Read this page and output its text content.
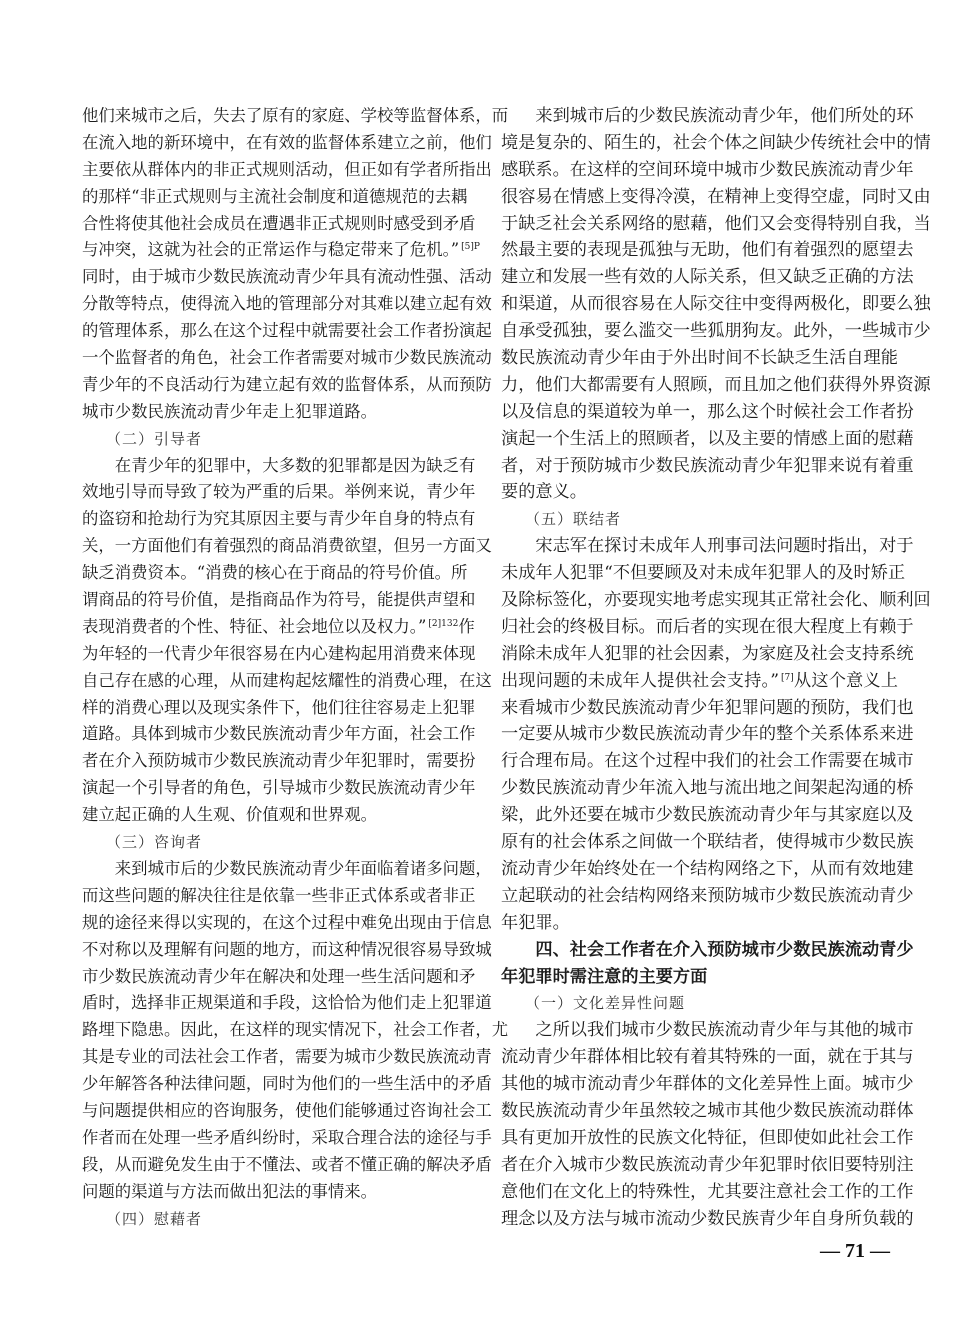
他们来城市之后，失去了原有的家庭、学校等监督体系，而
在流入地的新环境中，在有效的监督体系建立之前，他们
主要依从群体内的非正式规则活动，但正如有学者所指出
的那样“非正式规则与主流社会制度和道德规范的去耦
合性将使其他社会成员在遭遇非正式规则时感受到矛盾
与冲突，这就为社会的正常运作与稳定带来了危机。” $^{[5]P}$
同时，由于城市少数民族流动青少年具有流动性强、活动
分散等特点，使得流入地的管理部分对其难以建立起有效
的管理体系，那么在这个过程中就需要社会工作者扮演起
一个监督者的角色，社会工作者需要对城市少数民族流动
青少年的不良活动行为建立起有效的监督体系，从而预防
城市少数民族流动青少年走上犯罪道路。
（二）引导者
在青少年的犯罪中，大多数的犯罪都是因为缺乏有
效地引导而导致了较为严重的后果。举例来说，青少年
的盗窃和抢劫行为究其原因主要与青少年自身的特点有
关，一方面他们有着强烈的商品消费欲望，但另一方面又
缺乏消费资本。“消费的核心在于商品的符号价值。所
谓商品的符号价值，是指商品作为符号，能提供声望和
表现消费者的个性、特征、社会地位以及权力。” $^{[2]132}$作
为年轻的一代青少年很容易在内心建构起用消费来体现
自己存在感的心理，从而建构起炫耀性的消费心理，在这
样的消费心理以及现实条件下，他们往往容易走上犯罪
道路。具体到城市少数民族流动青少年方面，社会工作
者在介入预防城市少数民族流动青少年犯罪时，需要扮
演起一个引导者的角色，引导城市少数民族流动青少年
建立起正确的人生观、价值观和世界观。
（三）咨询者
来到城市后的少数民族流动青少年面临着诸多问题，
而这些问题的解决往往是依靠一些非正式体系或者非正
规的途径来得以实现的，在这个过程中难免出现由于信息
不对称以及理解有问题的地方，而这种情况很容易导致城
市少数民族流动青少年在解决和处理一些生活问题和矛
盾时，选择非正规渠道和手段，这恰恰为他们走上犯罪道
路埋下隐患。因此，在这样的现实情况下，社会工作者，尤
其是专业的司法社会工作者，需要为城市少数民族流动青
少年解答各种法律问题，同时为他们的一些生活中的矛盾
与问题提供相应的咨询服务，使他们能够通过咨询社会工
作者而在处理一些矛盾纠纷时，采取合理合法的途径与手
段，从而避免发生由于不懂法、或者不懂正确的解决矛盾
问题的渠道与方法而做出犯法的事情来。
（四）慰藉者
来到城市后的少数民族流动青少年，他们所处的环
境是复杂的、陌生的，社会个体之间缺少传统社会中的情
感联系。在这样的空间环境中城市少数民族流动青少年
很容易在情感上变得冷漠，在精神上变得空虚，同时又由
于缺乏社会关系网络的慰藉，他们又会变得特别自我，当
然最主要的表现是孤独与无助，他们有着强烈的愿望去
建立和发展一些有效的人际关系，但又缺乏正确的方法
和渠道，从而很容易在人际交往中变得两极化，即要么独
自承受孤独，要么滥交一些狐朋狗友。此外，一些城市少
数民族流动青少年由于外出时间不长缺乏生活自理能
力，他们大都需要有人照顾，而且加之他们获得外界资源
以及信息的渠道较为单一，那么这个时候社会工作者扮
演起一个生活上的照顾者，以及主要的情感上面的慰藉
者，对于预防城市少数民族流动青少年犯罪来说有着重
要的意义。
（五）联结者
宋志军在探讨未成年人刑事司法问题时指出，对于
未成年人犯罪“不但要顾及对未成年犯罪人的及时矫正
及除标签化，亦要现实地考虑实现其正常社会化、顺利回
归社会的终极目标。而后者的实现在很大程度上有赖于
消除未成年人犯罪的社会因素，为家庭及社会支持系统
出现问题的未成年人提供社会支持。” [7]从这个意义上
来看城市少数民族流动青少年犯罪问题的预防，我们也
一定要从城市少数民族流动青少年的整个关系体系来进
行合理布局。在这个过程中我们的社会工作需要在城市
少数民族流动青少年流入地与流出地之间架起沟通的桥
梁，此外还要在城市少数民族流动青少年与其家庭以及
原有的社会体系之间做一个联结者，使得城市少数民族
流动青少年始终处在一个结构网络之下，从而有效地建
立起联动的社会结构网络来预防城市少数民族流动青少
年犯罪。
四、社会工作者在介入预防城市少数民族流动青少
年犯罪时需注意的主要方面
（一）文化差异性问题
之所以我们城市少数民族流动青少年与其他的城市
流动青少年群体相比较有着其特殊的一面，就在于其与
其他的城市流动青少年群体的文化差异性上面。城市少
数民族流动青少年虽然较之城市其他少数民族流动群体
具有更加开放性的民族文化特征，但即使如此社会工作
者在介入城市少数民族流动青少年犯罪时依旧要特别注
意他们在文化上的特殊性，尤其要注意社会工作的工作
理念以及方法与城市流动少数民族青少年自身所负载的
— 71 —
